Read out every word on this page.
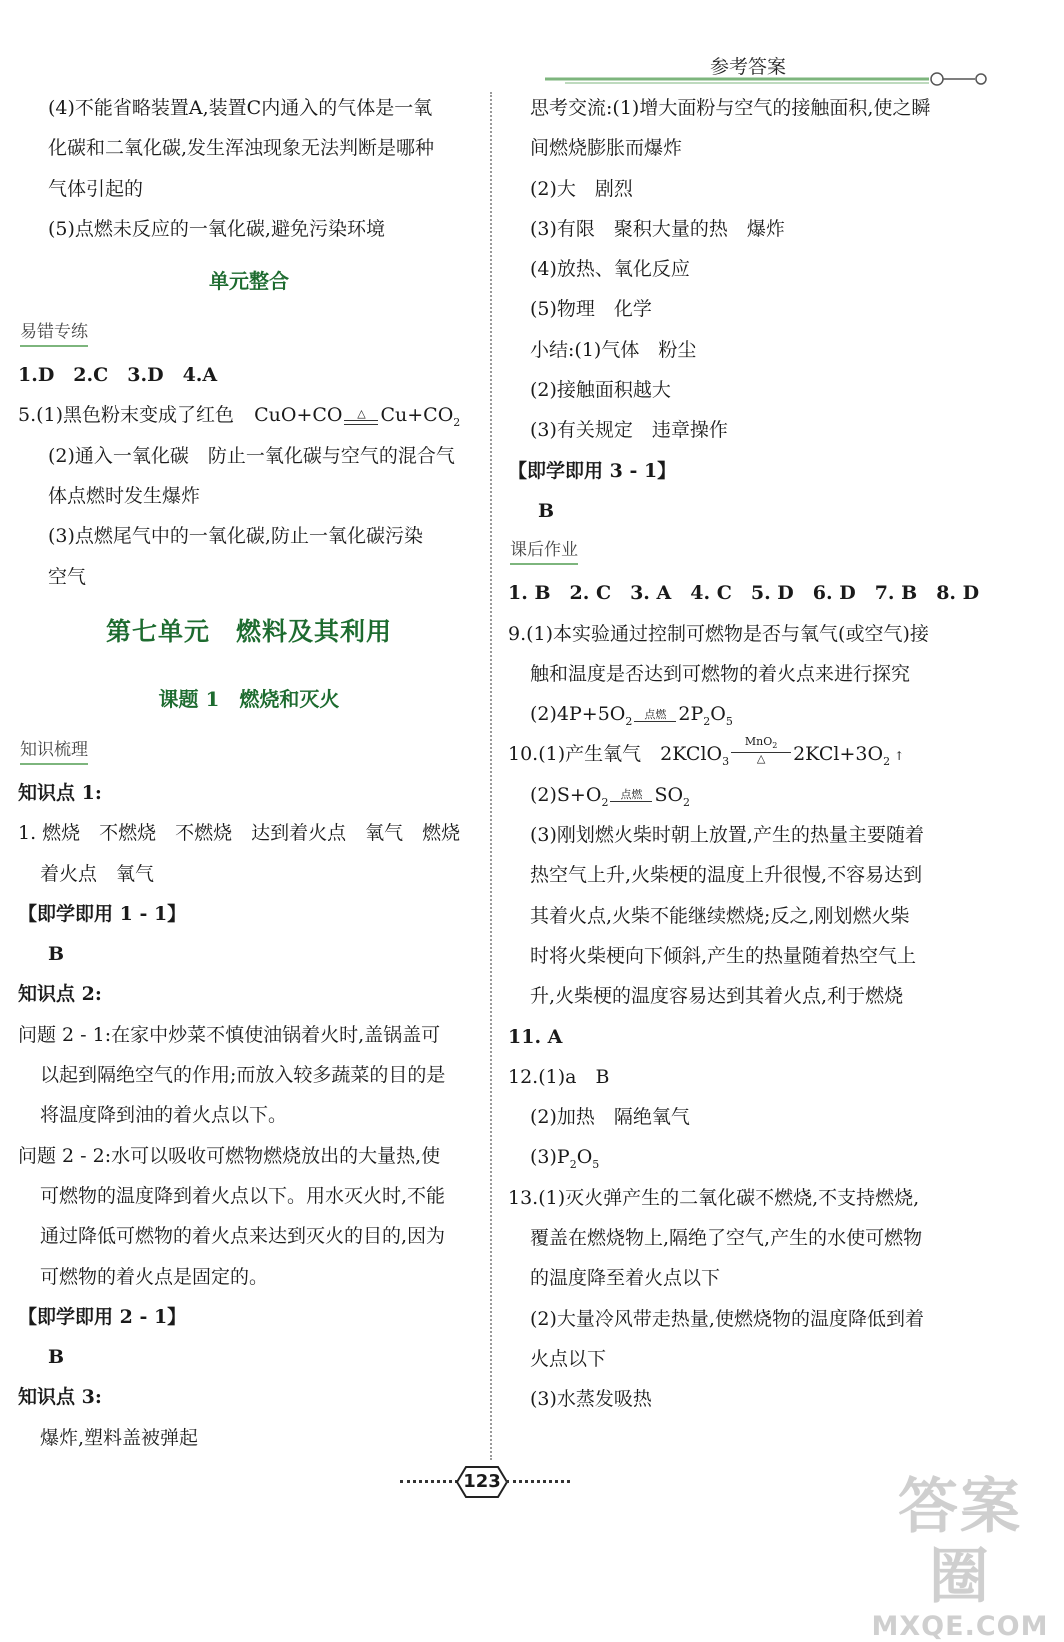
参考答案
(4)不能省略装置A,装置C内通入的气体是一氧
化碳和二氧化碳,发生浑浊现象无法判断是哪种
气体引起的
(5)点燃未反应的一氧化碳,避免污染环境
单元整合
易错专练
1.D　2.C　3.D　4.A
5.(1)黑色粉末变成了红色 CuO+CO	△ $Cu+CO_2$
(2)通入一氧化碳　防止一氧化碳与空气的混合气
体点燃时发生爆炸
(3)点燃尾气中的一氧化碳,防止一氧化碳污染
空气
第七单元　燃料及其利用
课题 1　燃烧和灭火
知识梳理
知识点 1:
1. 燃烧　不燃烧　不燃烧　达到着火点　氧气　燃烧
着火点　氧气
【即学即用 1 - 1】
B
知识点 2:
问题 2 - 1:在家中炒菜不慎使油锅着火时,盖锅盖可
以起到隔绝空气的作用;而放入较多蔬菜的目的是
将温度降到油的着火点以下。
问题 2 - 2:水可以吸收可燃物燃烧放出的大量热,使
可燃物的温度降到着火点以下。用水灭火时,不能
通过降低可燃物的着火点来达到灭火的目的,因为
可燃物的着火点是固定的。
【即学即用 2 - 1】
B
知识点 3:
爆炸,塑料盖被弹起
思考交流:(1)增大面粉与空气的接触面积,使之瞬
间燃烧膨胀而爆炸
(2)大　剧烈
(3)有限　聚积大量的热　爆炸
(4)放热、氧化反应
(5)物理　化学
小结:(1)气体　粉尘
(2)接触面积越大
(3)有关规定　违章操作
【即学即用 3 - 1】
B
课后作业
1. B　2. C　3. A　4. C　5. D　6. D　7. B　8. D
9.(1)本实验通过控制可燃物是否与氧气(或空气)接
触和温度是否达到可燃物的着火点来进行探究
$(2)4P+5O_2$
点燃 $2P_2O_5$
10.(1)产生氧气　2KClO$_3$
MnO$_2$
△	$2KCl+3O_2$ ↑
$(2)S+O_2$
点燃 $SO_2$
(3)刚划燃火柴时朝上放置,产生的热量主要随着
热空气上升,火柴梗的温度上升很慢,不容易达到
其着火点,火柴不能继续燃烧;反之,刚划燃火柴
时将火柴梗向下倾斜,产生的热量随着热空气上
升,火柴梗的温度容易达到其着火点,利于燃烧
11. A
12.(1)a　B
(2)加热　隔绝氧气
$(3)P_2O_5$
13.(1)灭火弹产生的二氧化碳不燃烧,不支持燃烧,
覆盖在燃烧物上,隔绝了空气,产生的水使可燃物
的温度降至着火点以下
(2)大量冷风带走热量,使燃烧物的温度降低到着
火点以下
(3)水蒸发吸热
123	答案圈
MXQE.COM
